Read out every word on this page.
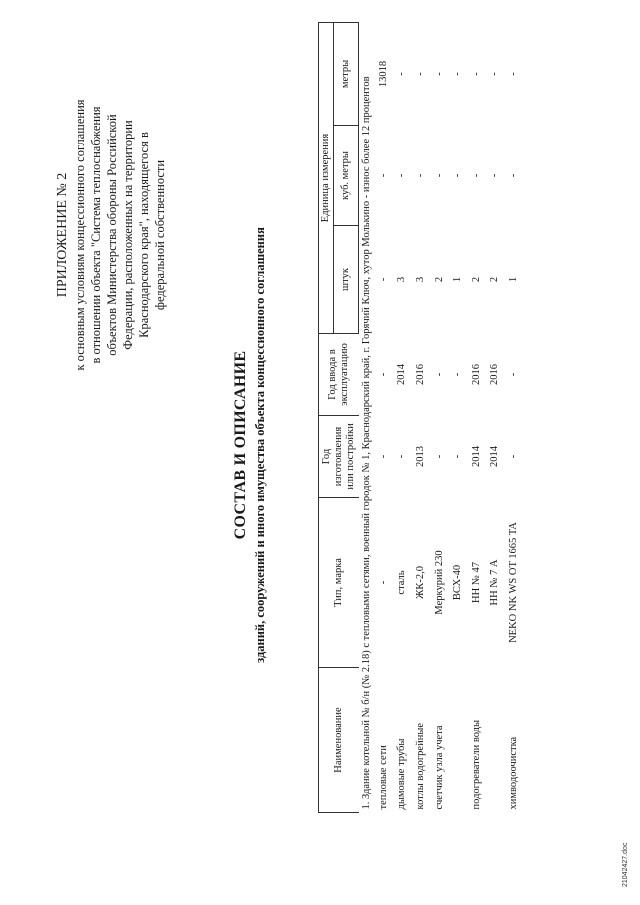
ПРИЛОЖЕНИЕ № 2 к основным условиям концессионного соглашения в отношении объекта "Система теплоснабжения объектов Министерства обороны Российской Федерации, расположенных на территории Краснодарского края", находящегося в федеральной собственности
СОСТАВ И ОПИСАНИЕ зданий, сооружений и иного имущества объекта концессионного соглашения
Наименование	Тип, марка	Год изготовления или постройки	Год ввода в эксплуатацию	Единица измерения		
				штук	куб. метры	метры
1. Здание котельной № б/н (№ 2.18) с тепловыми сетями, военный городок № 1, Краснодарский край, г. Горячий Ключ, хутор Молькино - износ более 12 процентов						
тепловые сети	-	-	-	-	-	13018
дымовые трубы	сталь	-	2014	3	-	-
котлы водогрейные	ЖК-2,0	2013	2016	3	-	-
счетчик узла учета	Меркурий 230	-	-	2	-	-
	ВСХ-40	-	-	1	-	-
подогреватели воды	НН № 47	2014	2016	2	-	-
	НН № 7 А	2014	2016	2	-	-
химводоочистка	NEKO NK WS OT 1665 TA	-	-	1	-	-
21042427.doc
